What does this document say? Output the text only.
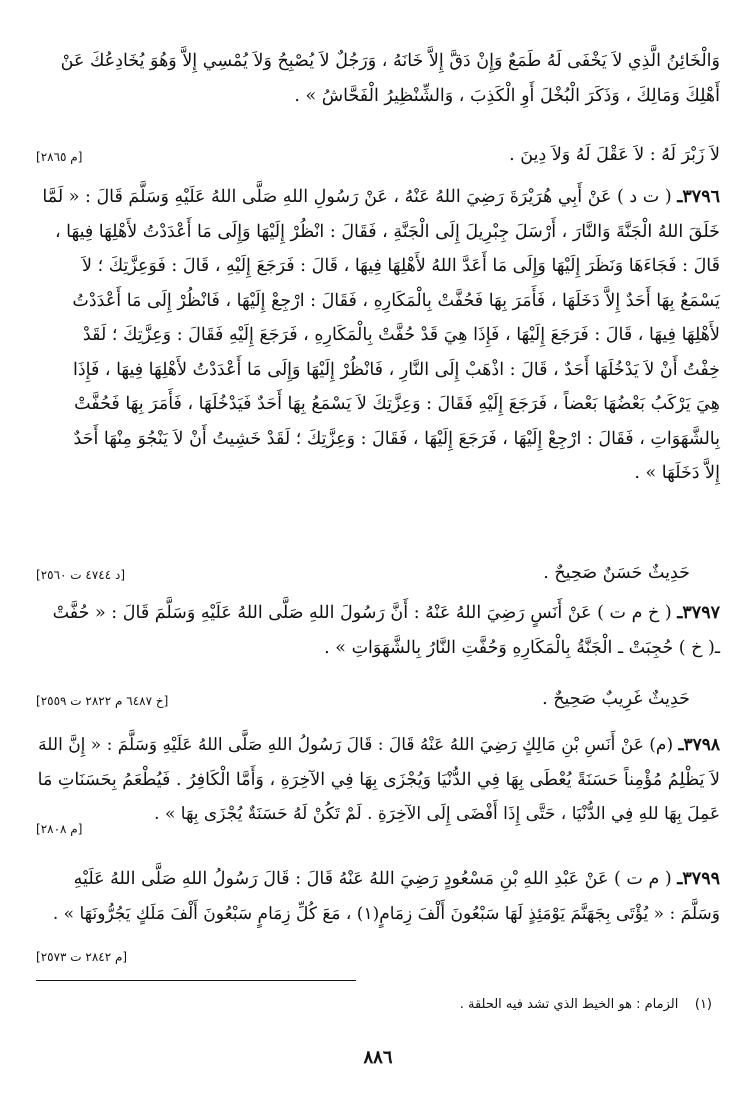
وَالْخَائِنُ الَّذِي لاَ يَخْفَى لَهُ طَمَعٌ وَإِنْ دَقَّ إِلاَّ خَانَهُ ، وَرَجُلٌ لاَ يُصْبِحُ وَلاَ يُمْسِي إِلاَّ وَهُوَ يُخَادِعُكَ عَنْ
أَهْلِكَ وَمَالِكَ ، وَذَكَرَ الْبُخْلَ أَوِ الْكَذِبَ ، وَالشِّنْظِيرُ الْفَحَّاشُ » .

لاَ زَبْرَ لَهُ : لاَ عَقْلَ لَهُ وَلاَ دِينَ .
[م ٢٨٦٥]

٣٧٩٦ـ ( ت د ) عَنْ أَبِي هُرَيْرَةَ رَضِيَ اللهُ عَنْهُ ، عَنْ رَسُولِ اللهِ صَلَّى اللهُ عَلَيْهِ وَسَلَّمَ قَالَ : « لَمَّا
خَلَقَ اللهُ الْجَنَّةَ وَالنَّارَ ، أَرْسَلَ جِبْرِيلَ إِلَى الْجَنَّةِ ، فَقَالَ : انْظُرْ إِلَيْهَا وَإِلَى مَا أَعْدَدْتُ لأَهْلِهَا فِيهَا ،
قَالَ : فَجَاءَهَا وَنَظَرَ إِلَيْهَا وَإِلَى مَا أَعَدَّ اللهُ لأَهْلِهَا فِيهَا ، قَالَ : فَرَجَعَ إِلَيْهِ ، قَالَ : فَوَعِزَّتِكَ ؛ لاَ
يَسْمَعُ بِهَا أَحَدٌ إِلاَّ دَخَلَهَا ، فَأَمَرَ بِهَا فَحُفَّتْ بِالْمَكَارِهِ ، فَقَالَ : ارْجِعْ إِلَيْهَا ، فَانْظُرْ إِلَى مَا أَعْدَدْتُ
لأَهْلِهَا فِيهَا ، قَالَ : فَرَجَعَ إِلَيْهَا ، فَإِذَا هِيَ قَدْ حُفَّتْ بِالْمَكَارِهِ ، فَرَجَعَ إِلَيْهِ فَقَالَ : وَعِزَّتِكَ ؛ لَقَدْ
خِفْتُ أَنْ لاَ يَدْخُلَهَا أَحَدٌ ، قَالَ : اذْهَبْ إِلَى النَّارِ ، فَانْظُرْ إِلَيْهَا وَإِلَى مَا أَعْدَدْتُ لأَهْلِهَا فِيهَا ، فَإِذَا
هِيَ يَرْكَبُ بَعْضُهَا بَعْضاً ، فَرَجَعَ إِلَيْهِ فَقَالَ : وَعِزَّتِكَ لاَ يَسْمَعُ بِهَا أَحَدٌ فَيَدْخُلَهَا ، فَأَمَرَ بِهَا فَحُفَّتْ
بِالشَّهَوَاتِ ، فَقَالَ : ارْجِعْ إِلَيْهَا ، فَرَجَعَ إِلَيْهَا ، فَقَالَ : وَعِزَّتِكَ ؛ لَقَدْ خَشِيتُ أَنْ لاَ يَنْجُوَ مِنْهَا أَحَدٌ
إِلاَّ دَخَلَهَا » .

حَدِيثٌ حَسَنٌ صَحِيحٌ .
[د ٤٧٤٤ ت ٢٥٦٠]

٣٧٩٧ـ ( خ م ت ) عَنْ أَنَسٍ رَضِيَ اللهُ عَنْهُ : أَنَّ رَسُولَ اللهِ صَلَّى اللهُ عَلَيْهِ وَسَلَّمَ قَالَ : « حُفَّتْ
ـ( خ ) حُجِبَتْ ـ الْجَنَّةُ بِالْمَكَارِهِ وَحُفَّتِ النَّارُ بِالشَّهَوَاتِ » .

حَدِيثٌ غَرِيبٌ صَحِيحٌ .
[خ ٦٤٨٧ م ٢٨٢٢ ت ٢٥٥٩]

٣٧٩٨ـ (م) عَنْ أَنَسِ بْنِ مَالِكٍ رَضِيَ اللهُ عَنْهُ قَالَ : قَالَ رَسُولُ اللهِ صَلَّى اللهُ عَلَيْهِ وَسَلَّمَ : « إِنَّ اللهَ
لاَ يَظْلِمُ مُؤْمِناً حَسَنَةً يُعْطَى بِهَا فِي الدُّنْيَا وَيُجْزَى بِهَا فِي الآخِرَةِ ، وَأَمَّا الْكَافِرُ . فَيُطْعَمُ بِحَسَنَاتِ مَا
عَمِلَ بِهَا للهِ فِي الدُّنْيَا ، حَتَّى إِذَا أَفْضَى إِلَى الآخِرَةِ . لَمْ تَكُنْ لَهُ حَسَنَةٌ يُجْزَى بِهَا » .

[م ٢٨٠٨]

٣٧٩٩ـ ( م ت ) عَنْ عَبْدِ اللهِ بْنِ مَسْعُودٍ رَضِيَ اللهُ عَنْهُ قَالَ : قَالَ رَسُولُ اللهِ صَلَّى اللهُ عَلَيْهِ
وَسَلَّمَ : « يُؤْتَى بِجَهَنَّمَ يَوْمَئِذٍ لَهَا سَبْعُونَ أَلْفَ زِمَامٍ(١) ، مَعَ كُلِّ زِمَامٍ سَبْعُونَ أَلْفَ مَلَكٍ يَجُرُّونَهَا » .

[م ٢٨٤٢ ت ٢٥٧٣]
(١)    الزمام : هو الخيط الذي تشد فيه الحلقة .
٨٨٦
